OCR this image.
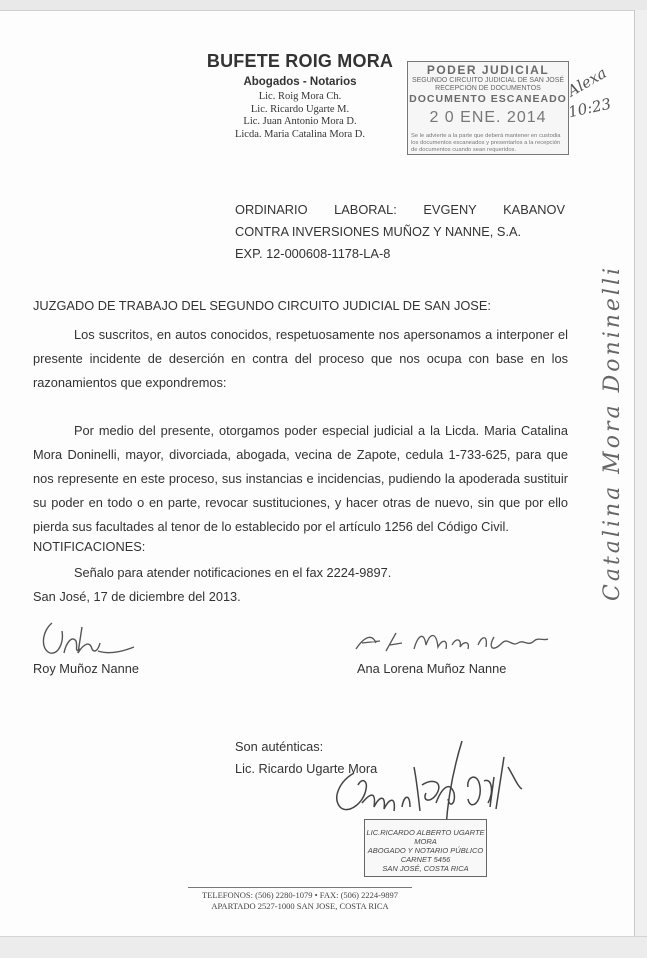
BUFETE ROIG MORA
Abogados - Notarios
Lic. Roig Mora Ch.
Lic. Ricardo Ugarte M.
Lic. Juan Antonio Mora D.
Licda. Maria Catalina Mora D.
PODER JUDICIAL
SEGUNDO CIRCUITO JUDICIAL DE SAN JOSÉ
RECEPCIÓN DE DOCUMENTOS
DOCUMENTO ESCANEADO
2 0 ENE. 2014
Se le advierte a la parte que deberá mantener en custodia los documentos escaneados y presentarlos a la recepción de documentos cuando sean requeridos.
Alexa
10:23
Catalina Mora Doninelli
ORDINARIO LABORAL: EVGENY KABANOV
CONTRA INVERSIONES MUÑOZ Y NANNE, S.A.
EXP. 12-000608-1178-LA-8
JUZGADO DE TRABAJO DEL SEGUNDO CIRCUITO JUDICIAL DE SAN JOSE:
Los suscritos, en autos conocidos, respetuosamente nos apersonamos a interponer el presente incidente de deserción en contra del proceso que nos ocupa con base en los razonamientos que expondremos:
Por medio del presente, otorgamos poder especial judicial a la Licda. Maria Catalina Mora Doninelli, mayor, divorciada, abogada, vecina de Zapote, cedula 1-733-625, para que nos represente en este proceso, sus instancias e incidencias, pudiendo la apoderada sustituir su poder en todo o en parte, revocar sustituciones, y hacer otras de nuevo, sin que por ello pierda sus facultades al tenor de lo establecido por el artículo 1256 del Código Civil.
NOTIFICACIONES:
Señalo para atender notificaciones en el fax 2224-9897.
San José, 17 de diciembre del 2013.
Roy Muñoz Nanne	Ana Lorena Muñoz Nanne
Son auténticas:
Lic. Ricardo Ugarte Mora
LIC.RICARDO ALBERTO UGARTE MORA
ABOGADO Y NOTARIO PÚBLICO
CARNET 5456
SAN JOSÉ, COSTA RICA
TELEFONOS: (506) 2280-1079 • FAX: (506) 2224-9897
APARTADO 2527-1000 SAN JOSE, COSTA RICA
